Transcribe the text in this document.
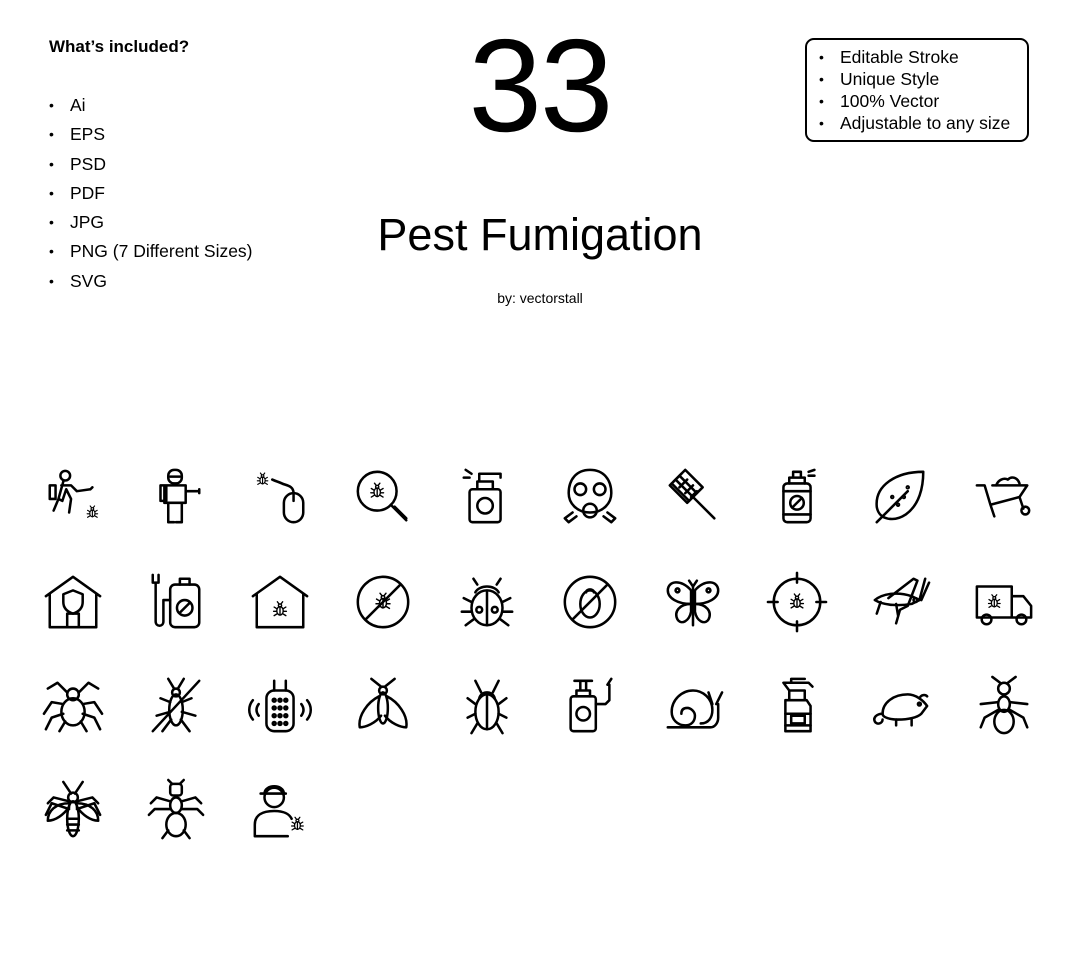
What’s included?
• Ai
• EPS
• PSD
• PDF
• JPG
• PNG (7 Different Sizes)
• SVG
33
Pest Fumigation
by: vectorstall
• Editable Stroke
• Unique Style
• 100% Vector
• Adjustable to any size
